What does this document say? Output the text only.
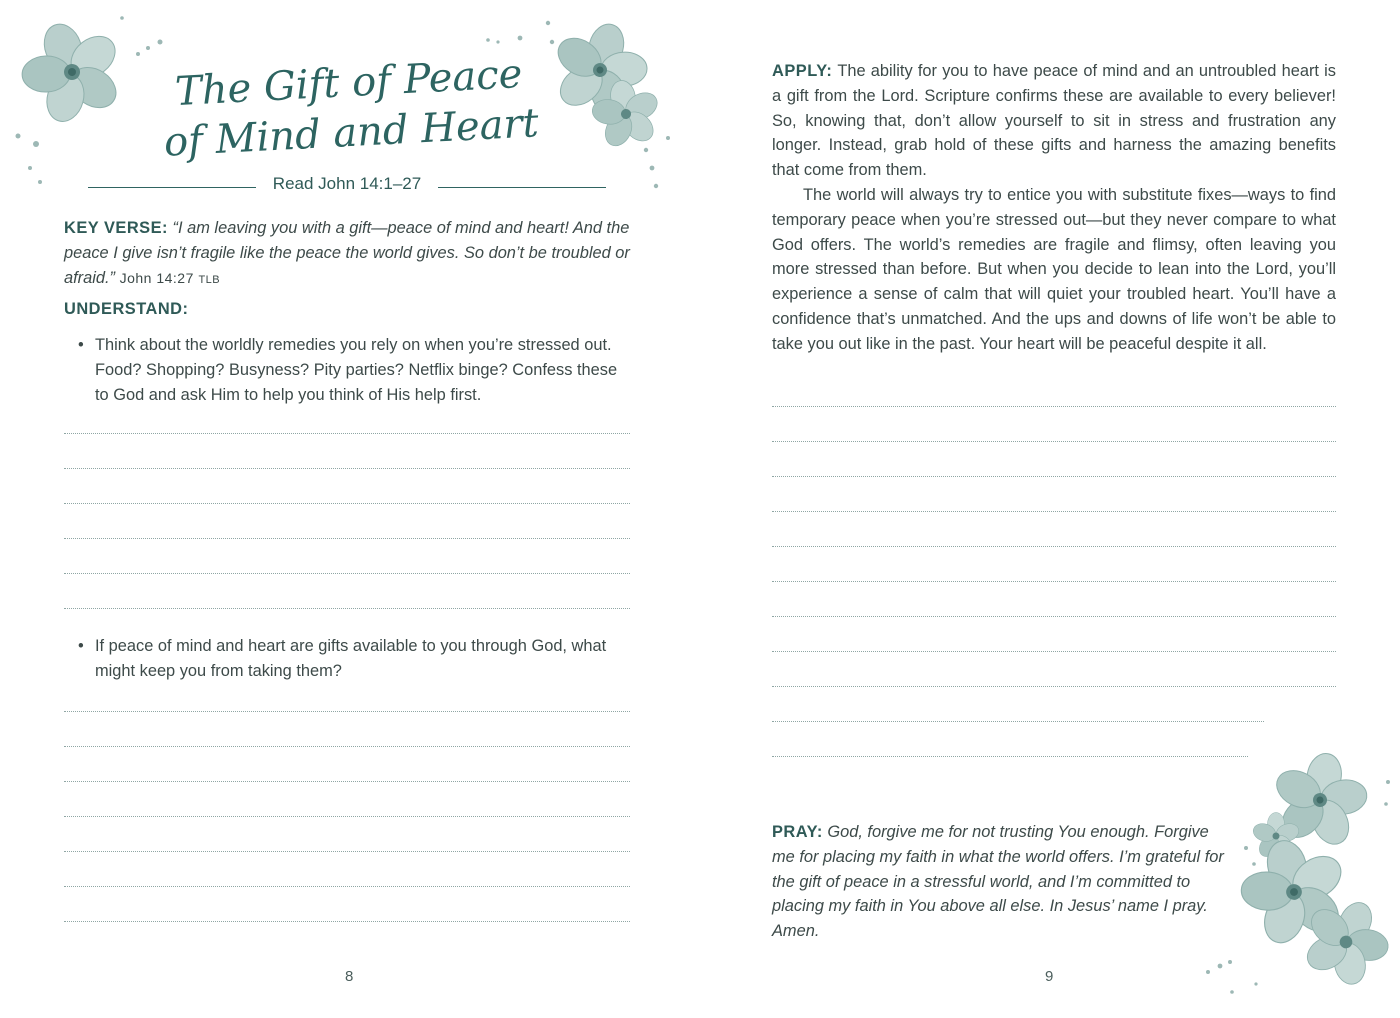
The Gift of Peace
of Mind and Heart
Read John 14:1–27
KEY VERSE: “I am leaving you with a gift—peace of mind and heart! And the peace I give isn’t fragile like the peace the world gives. So don’t be troubled or afraid.” John 14:27 TLB
UNDERSTAND:
• Think about the worldly remedies you rely on when you’re stressed out. Food? Shopping? Busyness? Pity parties? Netflix binge? Confess these to God and ask Him to help you think of His help first.
• If peace of mind and heart are gifts available to you through God, what might keep you from taking them?
8

APPLY: The ability for you to have peace of mind and an untroubled heart is a gift from the Lord. Scripture confirms these are available to every believer! So, knowing that, don’t allow yourself to sit in stress and frustration any longer. Instead, grab hold of these gifts and harness the amazing benefits that come from them.

The world will always try to entice you with substitute fixes—ways to find temporary peace when you’re stressed out—but they never compare to what God offers. The world’s remedies are fragile and flimsy, often leaving you more stressed than before. But when you decide to lean into the Lord, you’ll experience a sense of calm that will quiet your troubled heart. You’ll have a confidence that’s unmatched. And the ups and downs of life won’t be able to take you out like in the past. Your heart will be peaceful despite it all.

PRAY: God, forgive me for not trusting You enough. Forgive me for placing my faith in what the world offers. I’m grateful for the gift of peace in a stressful world, and I’m committed to placing my faith in You above all else. In Jesus’ name I pray. Amen.
9
